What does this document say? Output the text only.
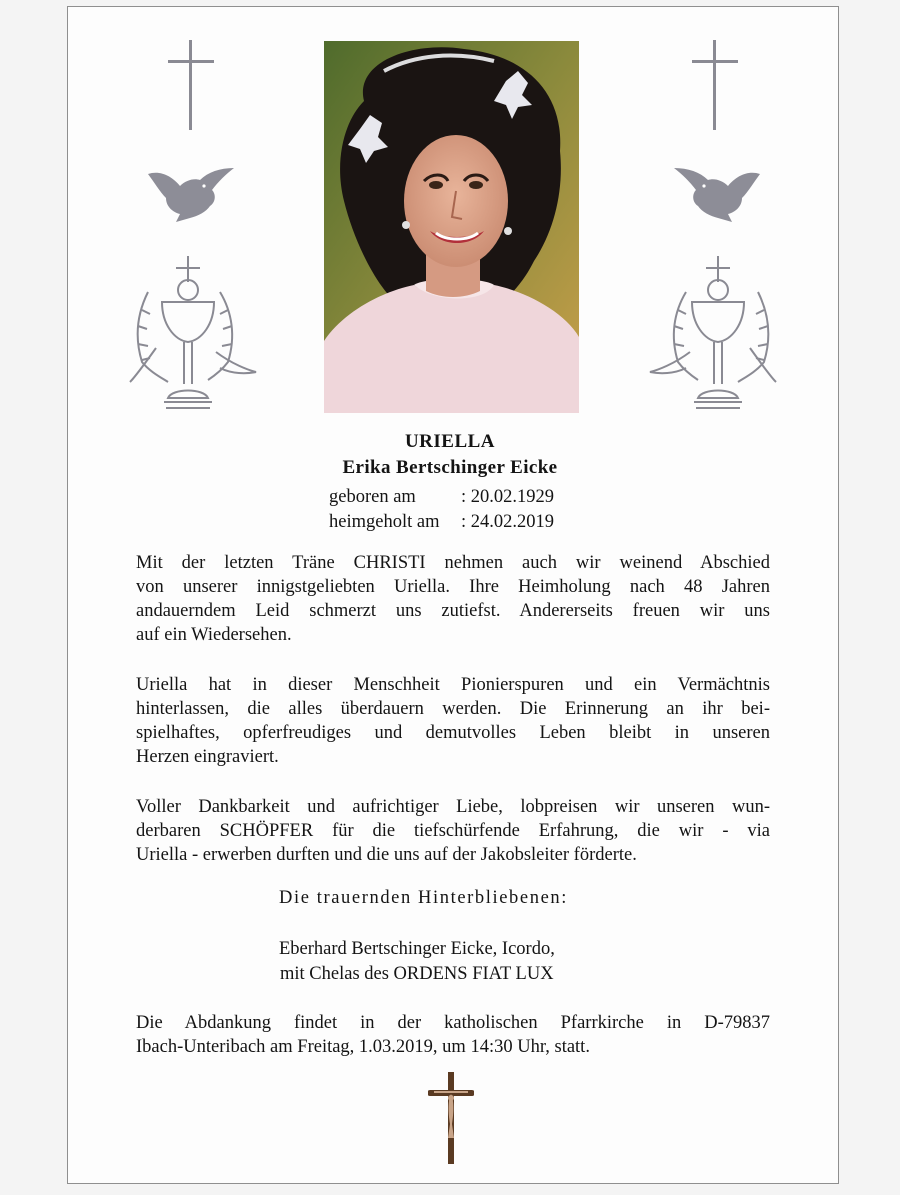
URIELLA
Erika Bertschinger Eicke
geboren am : 20.02.1929
heimgeholt am : 24.02.2019
Mit der letzten Träne CHRISTI nehmen auch wir weinend Abschied
von unserer innigstgeliebten Uriella. Ihre Heimholung nach 48 Jahren
andauerndem Leid schmerzt uns zutiefst. Andererseits freuen wir uns
auf ein Wiedersehen.
Uriella hat in dieser Menschheit Pionierspuren und ein Vermächtnis
hinterlassen, die alles überdauern werden. Die Erinnerung an ihr bei-
spielhaftes, opferfreudiges und demutvolles Leben bleibt in unseren
Herzen eingraviert.
Voller Dankbarkeit und aufrichtiger Liebe, lobpreisen wir unseren wun-
derbaren SCHÖPFER für die tiefschürfende Erfahrung, die wir - via
Uriella - erwerben durften und die uns auf der Jakobsleiter förderte.
Die trauernden Hinterbliebenen:
Eberhard Bertschinger Eicke, Icordo,
mit Chelas des ORDENS FIAT LUX
Die Abdankung findet in der katholischen Pfarrkirche in D-79837
Ibach-Unteribach am Freitag, 1.03.2019, um 14:30 Uhr, statt.
